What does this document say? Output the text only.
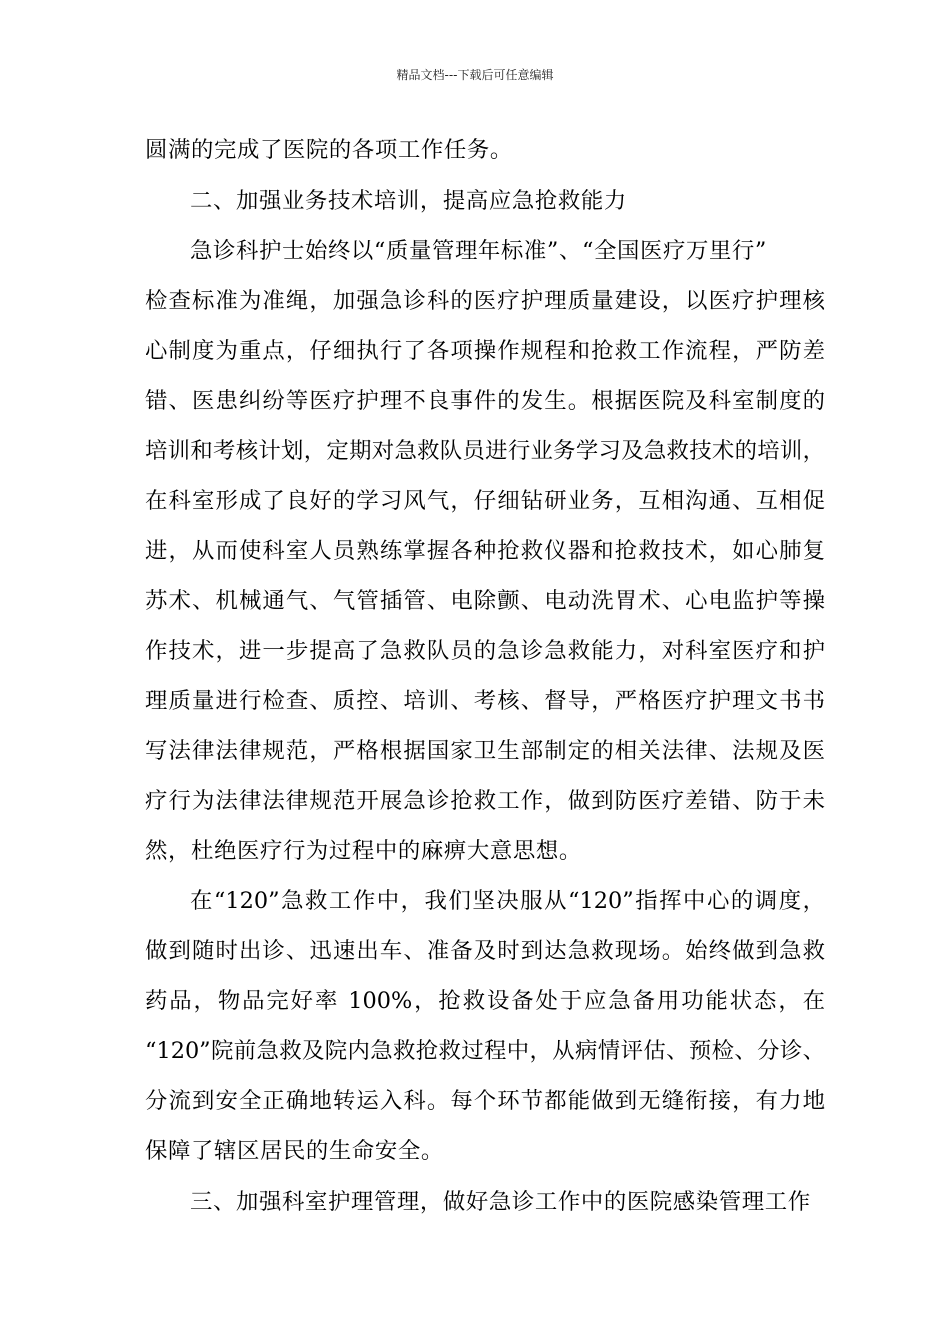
精品文档---下载后可任意编辑
圆满的完成了医院的各项工作任务。
二、加强业务技术培训，提高应急抢救能力
急诊科护士始终以“质量管理年标准”、“全国医疗万里行”
检查标准为准绳，加强急诊科的医疗护理质量建设，以医疗护理核
心制度为重点，仔细执行了各项操作规程和抢救工作流程，严防差
错、医患纠纷等医疗护理不良事件的发生。根据医院及科室制度的
培训和考核计划，定期对急救队员进行业务学习及急救技术的培训，
在科室形成了良好的学习风气，仔细钻研业务，互相沟通、互相促
进，从而使科室人员熟练掌握各种抢救仪器和抢救技术，如心肺复
苏术、机械通气、气管插管、电除颤、电动洗胃术、心电监护等操
作技术，进一步提高了急救队员的急诊急救能力，对科室医疗和护
理质量进行检查、质控、培训、考核、督导，严格医疗护理文书书
写法律法律规范，严格根据国家卫生部制定的相关法律、法规及医
疗行为法律法律规范开展急诊抢救工作，做到防医疗差错、防于未
然，杜绝医疗行为过程中的麻痹大意思想。
在“120”急救工作中，我们坚决服从“120”指挥中心的调度，
做到随时出诊、迅速出车、准备及时到达急救现场。始终做到急救
药品，物品完好率 100%，抢救设备处于应急备用功能状态，在
“120”院前急救及院内急救抢救过程中，从病情评估、预检、分诊、
分流到安全正确地转运入科。每个环节都能做到无缝衔接，有力地
保障了辖区居民的生命安全。
三、加强科室护理管理，做好急诊工作中的医院感染管理工作
